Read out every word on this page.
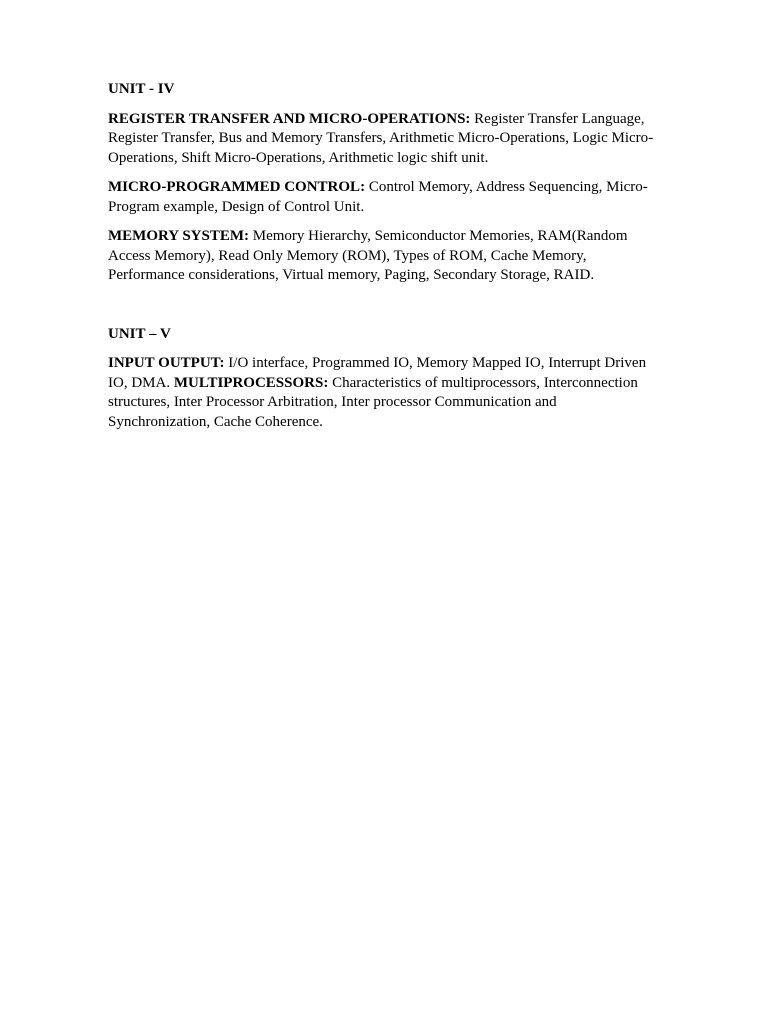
UNIT - IV

REGISTER TRANSFER AND MICRO-OPERATIONS: Register Transfer Language, Register Transfer, Bus and Memory Transfers, Arithmetic Micro-Operations, Logic Micro-Operations, Shift Micro-Operations, Arithmetic logic shift unit.

MICRO-PROGRAMMED CONTROL: Control Memory, Address Sequencing, Micro-Program example, Design of Control Unit.

MEMORY SYSTEM: Memory Hierarchy, Semiconductor Memories, RAM(Random Access Memory), Read Only Memory (ROM), Types of ROM, Cache Memory, Performance considerations, Virtual memory, Paging, Secondary Storage, RAID.

UNIT – V

INPUT OUTPUT: I/O interface, Programmed IO, Memory Mapped IO, Interrupt Driven IO, DMA. MULTIPROCESSORS: Characteristics of multiprocessors, Interconnection structures, Inter Processor Arbitration, Inter processor Communication and Synchronization, Cache Coherence.
